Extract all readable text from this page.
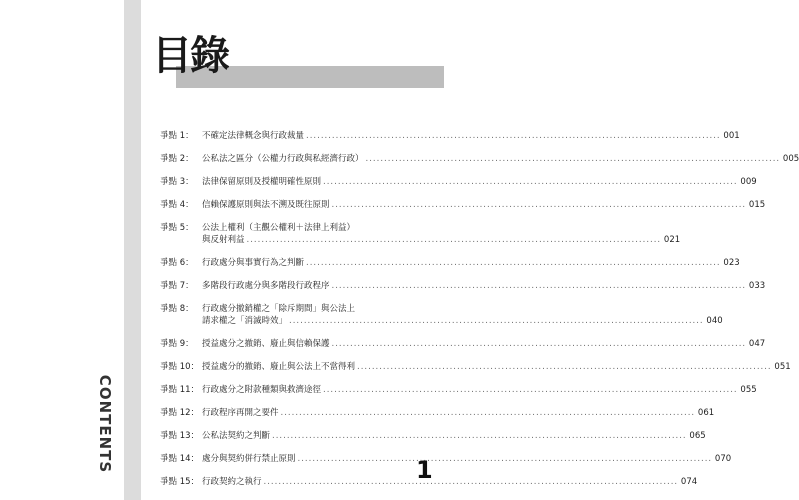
CONTENTS
目錄
爭點 1： 不確定法律概念與行政裁量 .....	001
爭點 2： 公私法之區分（公權力行政與私經濟行政） .....	005
爭點 3： 法律保留原則及授權明確性原則 .....	009
爭點 4： 信賴保護原則與法不溯及既往原則 .....	015
爭點 5： 公法上權利（主觀公權利＋法律上利益）
與反射利益 .....	021
爭點 6： 行政處分與事實行為之判斷 .....	023
爭點 7： 多階段行政處分與多階段行政程序 .....	033
爭點 8： 行政處分撤銷權之「除斥期間」與公法上
請求權之「消滅時效」 .....	040
爭點 9： 授益處分之撤銷、廢止與信賴保護 .....	047
爭點 10： 授益處分的撤銷、廢止與公法上不當得利 .....	051
爭點 11： 行政處分之附款種類與救濟途徑 .....	055
爭點 12： 行政程序再開之要件 .....	061
爭點 13： 公私法契約之判斷 .....	065
爭點 14： 處分與契約併行禁止原則 .....	070
爭點 15： 行政契約之執行 .....	074
1
